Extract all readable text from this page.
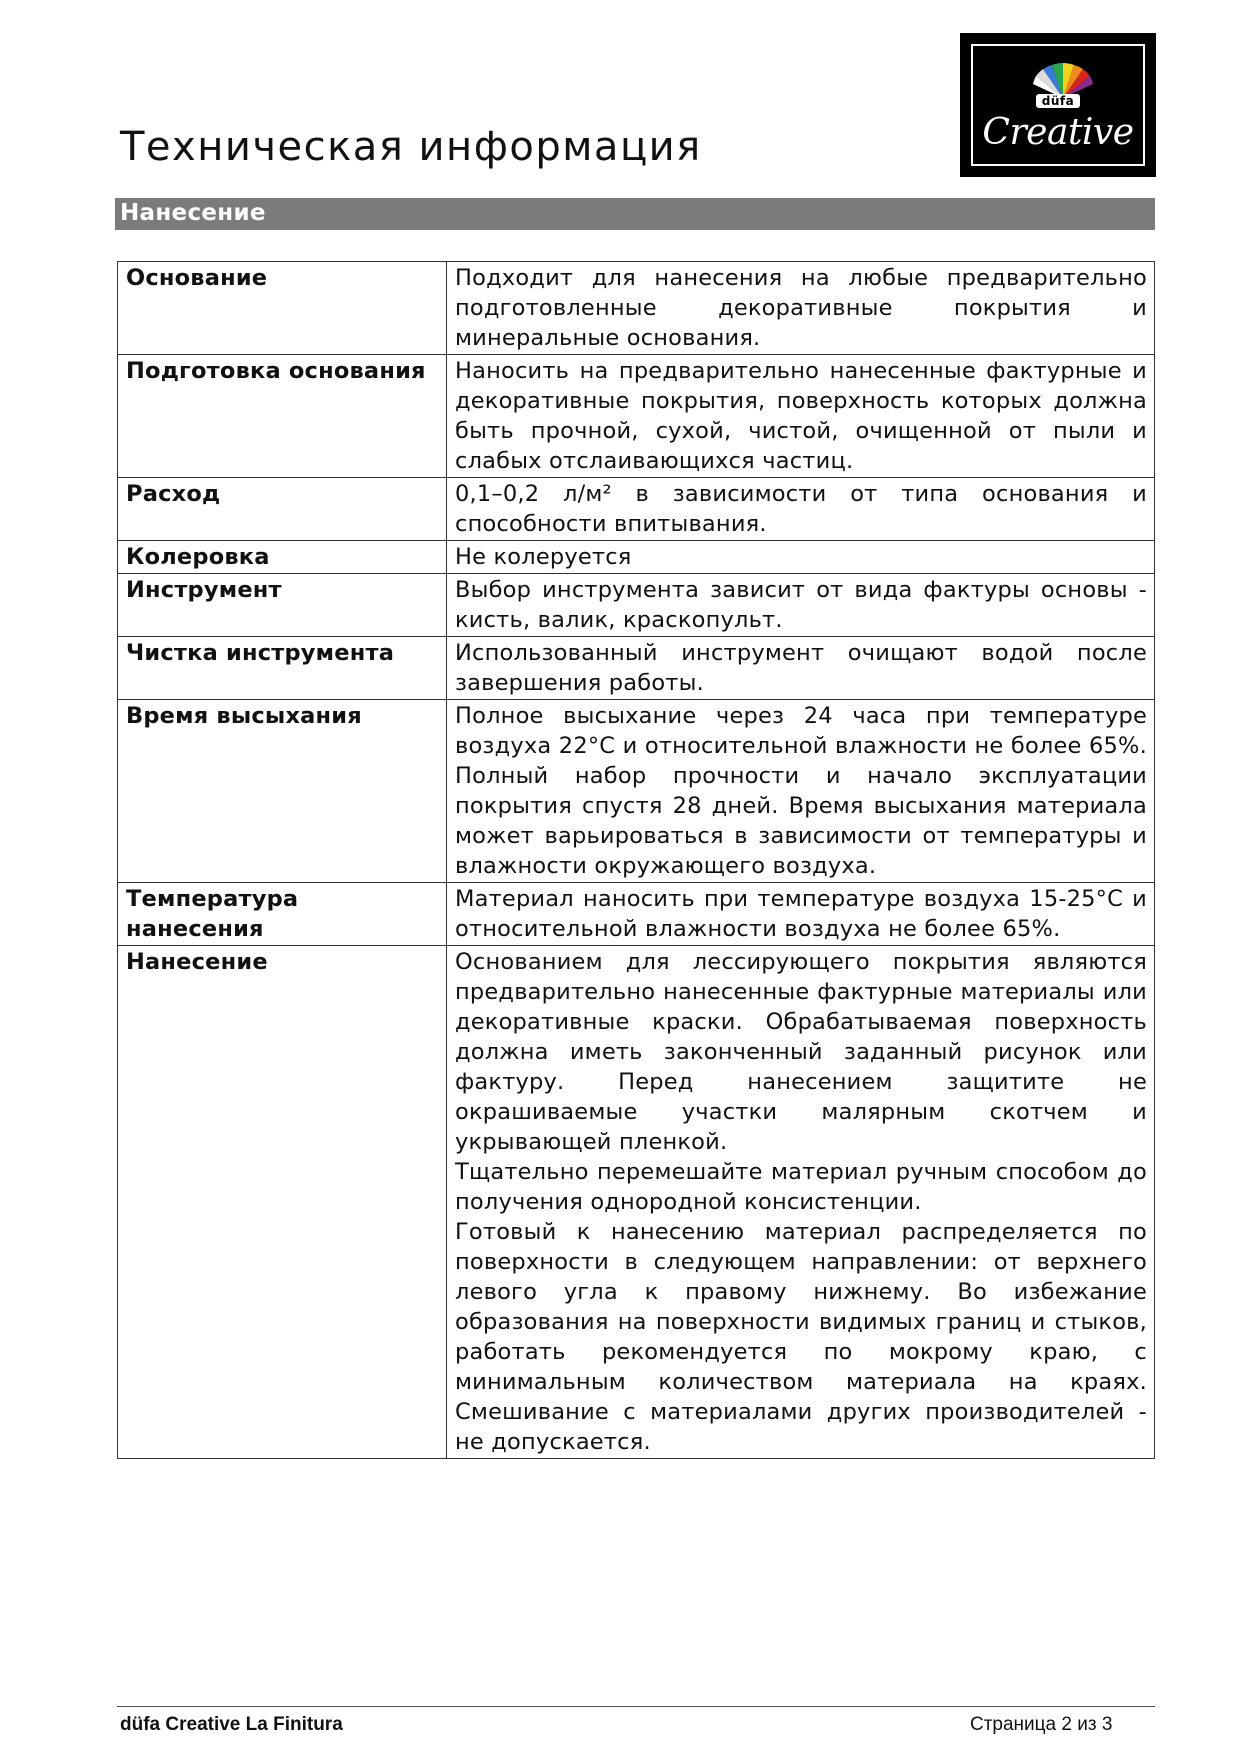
Техническая информация
düfa
Creative
Нанесение
Основание	Подходит для нанесения на любые предварительно подготовленные декоративные покрытия и минеральные основания.

Подготовка основания	Наносить на предварительно нанесенные фактурные и декоративные покрытия, поверхность которых должна быть прочной, сухой, чистой, очищенной от пыли и слабых отслаивающихся частиц.

Расход	0,1–0,2 л/м² в зависимости от типа основания и способности впитывания.

Колеровка	Не колеруется

Инструмент	Выбор инструмента зависит от вида фактуры основы - кисть, валик, краскопульт.

Чистка инструмента	Использованный инструмент очищают водой после завершения работы.

Время высыхания	Полное высыхание через 24 часа при температуре воздуха 22°С и относительной влажности не более 65%. Полный набор прочности и начало эксплуатации покрытия спустя 28 дней. Время высыхания материала может варьироваться в зависимости от температуры и влажности окружающего воздуха.

Температура нанесения	Материал наносить при температуре воздуха 15-25°С и относительной влажности воздуха не более 65%.

Нанесение	Основанием для лессирующего покрытия являются предварительно нанесенные фактурные материалы или декоративные краски. Обрабатываемая поверхность должна иметь законченный заданный рисунок или фактуру. Перед нанесением защитите не окрашиваемые участки малярным скотчем и укрывающей пленкой.
Тщательно перемешайте материал ручным способом до получения однородной консистенции.
Готовый к нанесению материал распределяется по поверхности в следующем направлении: от верхнего левого угла к правому нижнему. Во избежание образования на поверхности видимых границ и стыков, работать рекомендуется по мокрому краю, с минимальным количеством материала на краях. Смешивание с материалами других производителей - не допускается.
düfa Creative La Finitura	Страница 2 из 3
